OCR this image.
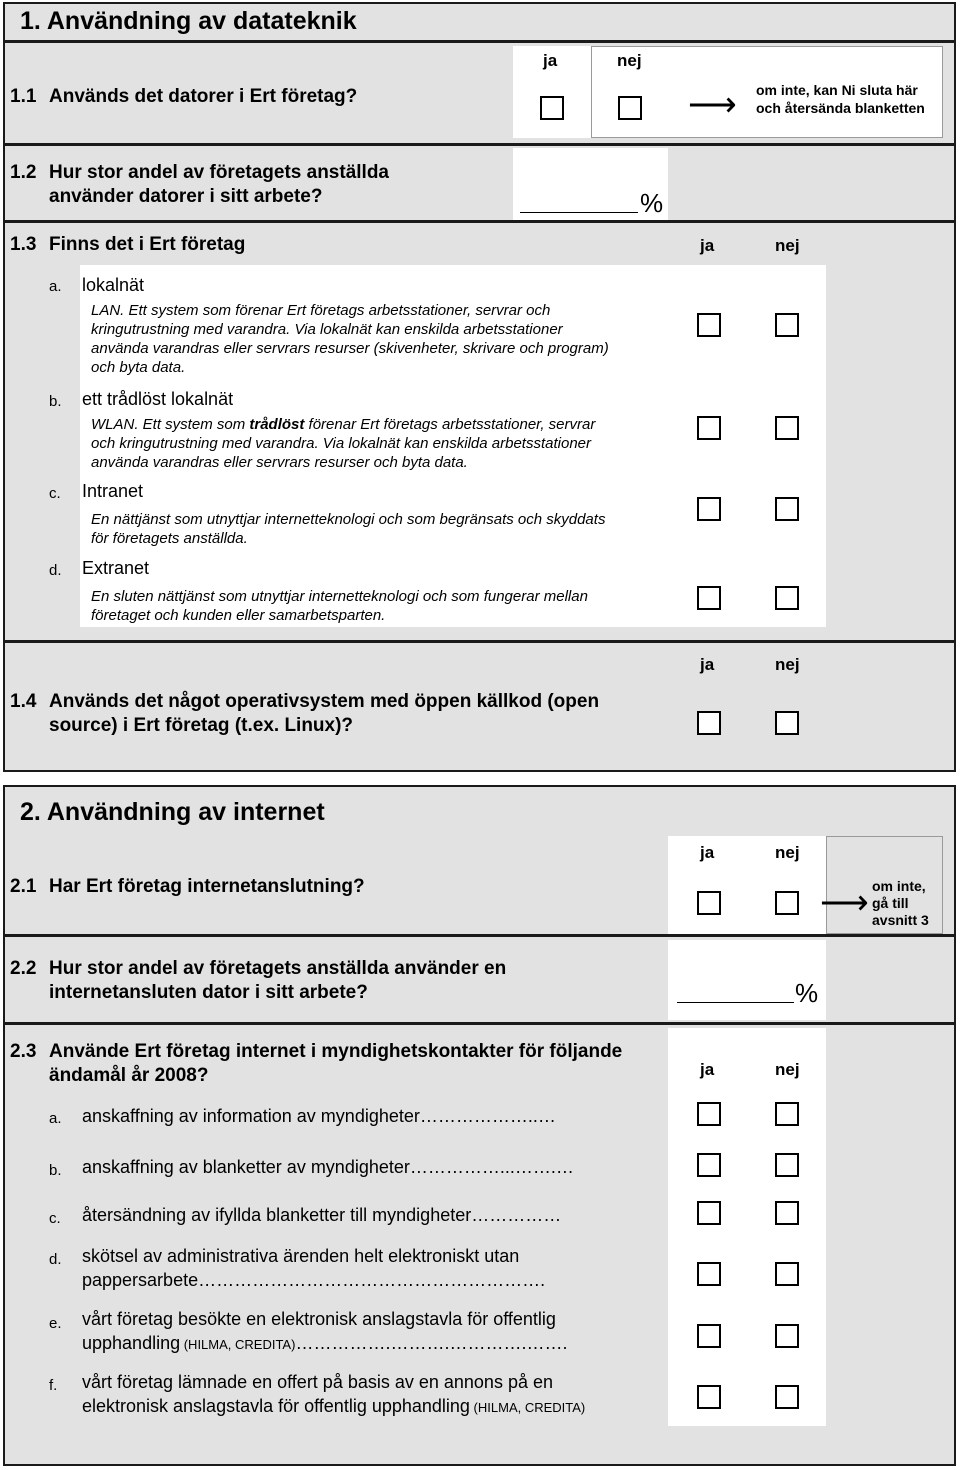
1. Användning av datateknik
ja	nej
1.1 Används det datorer i Ert företag?	⟶ om inte, kan Ni sluta här
och återsända blanketten
1.2 Hur stor andel av företagets anställda
använder datorer i sitt arbete?	%
1.3 Finns det i Ert företag	ja	nej
a. lokalnät
LAN. Ett system som förenar Ert företags arbetsstationer, servrar och
kringutrustning med varandra. Via lokalnät kan enskilda arbetsstationer
använda varandras eller servrars resurser (skivenheter, skrivare och program)
och byta data.
b. ett trådlöst lokalnät
WLAN. Ett system som trådlöst förenar Ert företags arbetsstationer, servrar
och kringutrustning med varandra. Via lokalnät kan enskilda arbetsstationer
använda varandras eller servrars resurser och byta data.
c. Intranet
En nättjänst som utnyttjar internetteknologi och som begränsats och skyddats
för företagets anställda.
d. Extranet
En sluten nättjänst som utnyttjar internetteknologi och som fungerar mellan
företaget och kunden eller samarbetsparten.
ja	nej
1.4 Används det något operativsystem med öppen källkod (open
source) i Ert företag (t.ex. Linux)?
2. Användning av internet
ja	nej
2.1 Har Ert företag internetanslutning?	⟶ om inte,
gå till
avsnitt 3
2.2 Hur stor andel av företagets anställda använder en
internetansluten dator i sitt arbete?	%
2.3 Använde Ert företag internet i myndighetskontakter för följande
ändamål år 2008?	ja	nej
a. anskaffning av information av myndigheter………………..…
b. anskaffning av blanketter av myndigheter……………...…….…
c. återsändning av ifyllda blanketter till myndigheter……………
d. skötsel av administrativa ärenden helt elektroniskt utan
pappersarbete………………………………………………….
e. vårt företag besökte en elektronisk anslagstavla för offentlig
upphandling (HILMA, CREDITA)…………….……….………….…….
f. vårt företag lämnade en offert på basis av en annons på en
elektronisk anslagstavla för offentlig upphandling (HILMA, CREDITA)
